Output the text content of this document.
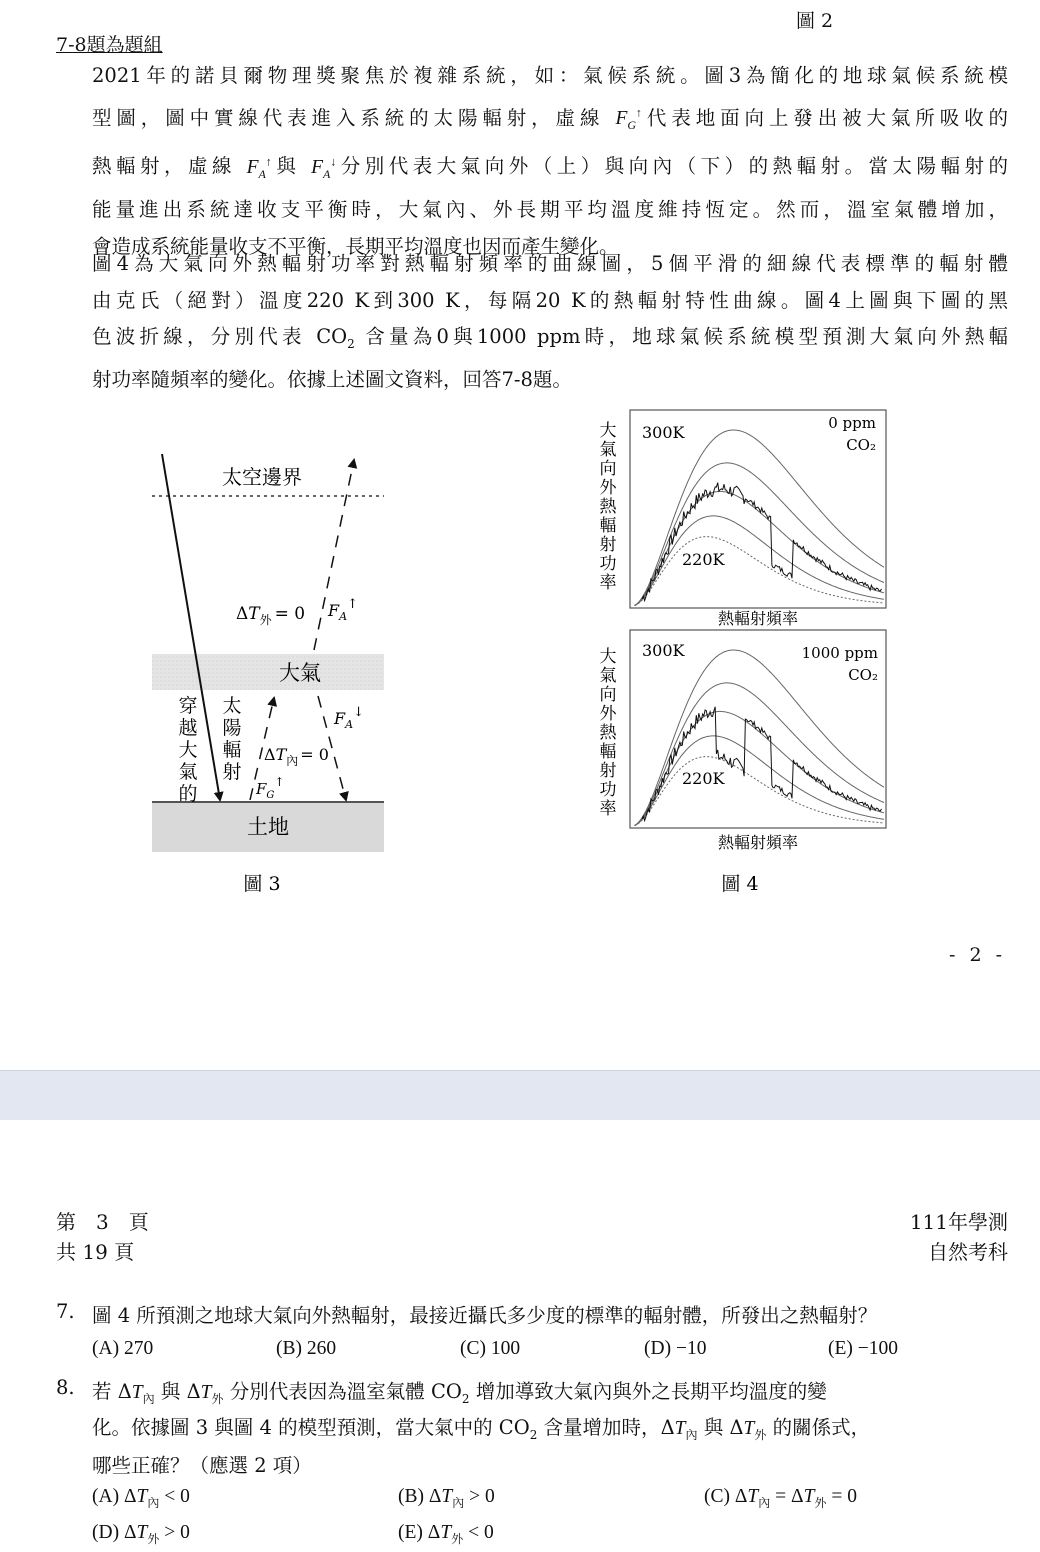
圖 2
7-8題為題組
2021年的諾貝爾物理獎聚焦於複雜系統，如：氣候系統。圖3為簡化的地球氣候系統模
型圖，圖中實線代表進入系統的太陽輻射，虛線 $F_G^↑$代表地面向上發出被大氣所吸收的
熱輻射，虛線 $F_A^↑$與 $F_A^↓$分別代表大氣向外（上）與向內（下）的熱輻射。當太陽輻射的
能量進出系統達收支平衡時，大氣內、外長期平均溫度維持恆定。然而，溫室氣體增加，
會造成系統能量收支不平衡，長期平均溫度也因而產生變化。
圖4為大氣向外熱輻射功率對熱輻射頻率的曲線圖，5個平滑的細線代表標準的輻射體
由克氏（絕對）溫度220 K到300 K，每隔20 K的熱輻射特性曲線。圖4上圖與下圖的黑
色波折線，分別代表 $CO_2$ 含量為0與1000 ppm時，地球氣候系統模型預測大氣向外熱輻
射功率隨頻率的變化。依據上述圖文資料，回答7-8題。
太空邊界
大氣
土地
$\Delta T_外 = 0$ $F_A^↑$
$F_A^↓$
$\Delta T_內 = 0$
$F_G^↑$
穿
越
大
氣
的
太
陽
輻
射
圖 3
大
氣
向
外
熱
輻
射
功
率
大
氣
向
外
熱
輻
射
功
率
300K
220K
0 ppm
CO₂
熱輻射頻率
300K
220K
1000 ppm
CO₂
熱輻射頻率
圖 4
- 2 -
第　3　頁
共 19 頁
111年學測
自然考科
7. 圖 4 所預測之地球大氣向外熱輻射，最接近攝氏多少度的標準的輻射體，所發出之熱輻射？
(A) 270	(B) 260	(C) 100	(D) −10	(E) −100
8. 若 $\Delta T_內$ 與 $\Delta T_外$ 分別代表因為溫室氣體 $CO_2$ 增加導致大氣內與外之長期平均溫度的變
化。依據圖 3 與圖 4 的模型預測，當大氣中的 $CO_2$ 含量增加時，$\Delta T_內$ 與 $\Delta T_外$ 的關係式，
哪些正確？（應選 2 項）
(A) $\Delta T_內 < 0$	(B) $\Delta T_內 > 0$	(C) $\Delta T_內 = \Delta T_外 = 0$
(D) $\Delta T_外 > 0$	(E) $\Delta T_外 < 0$
